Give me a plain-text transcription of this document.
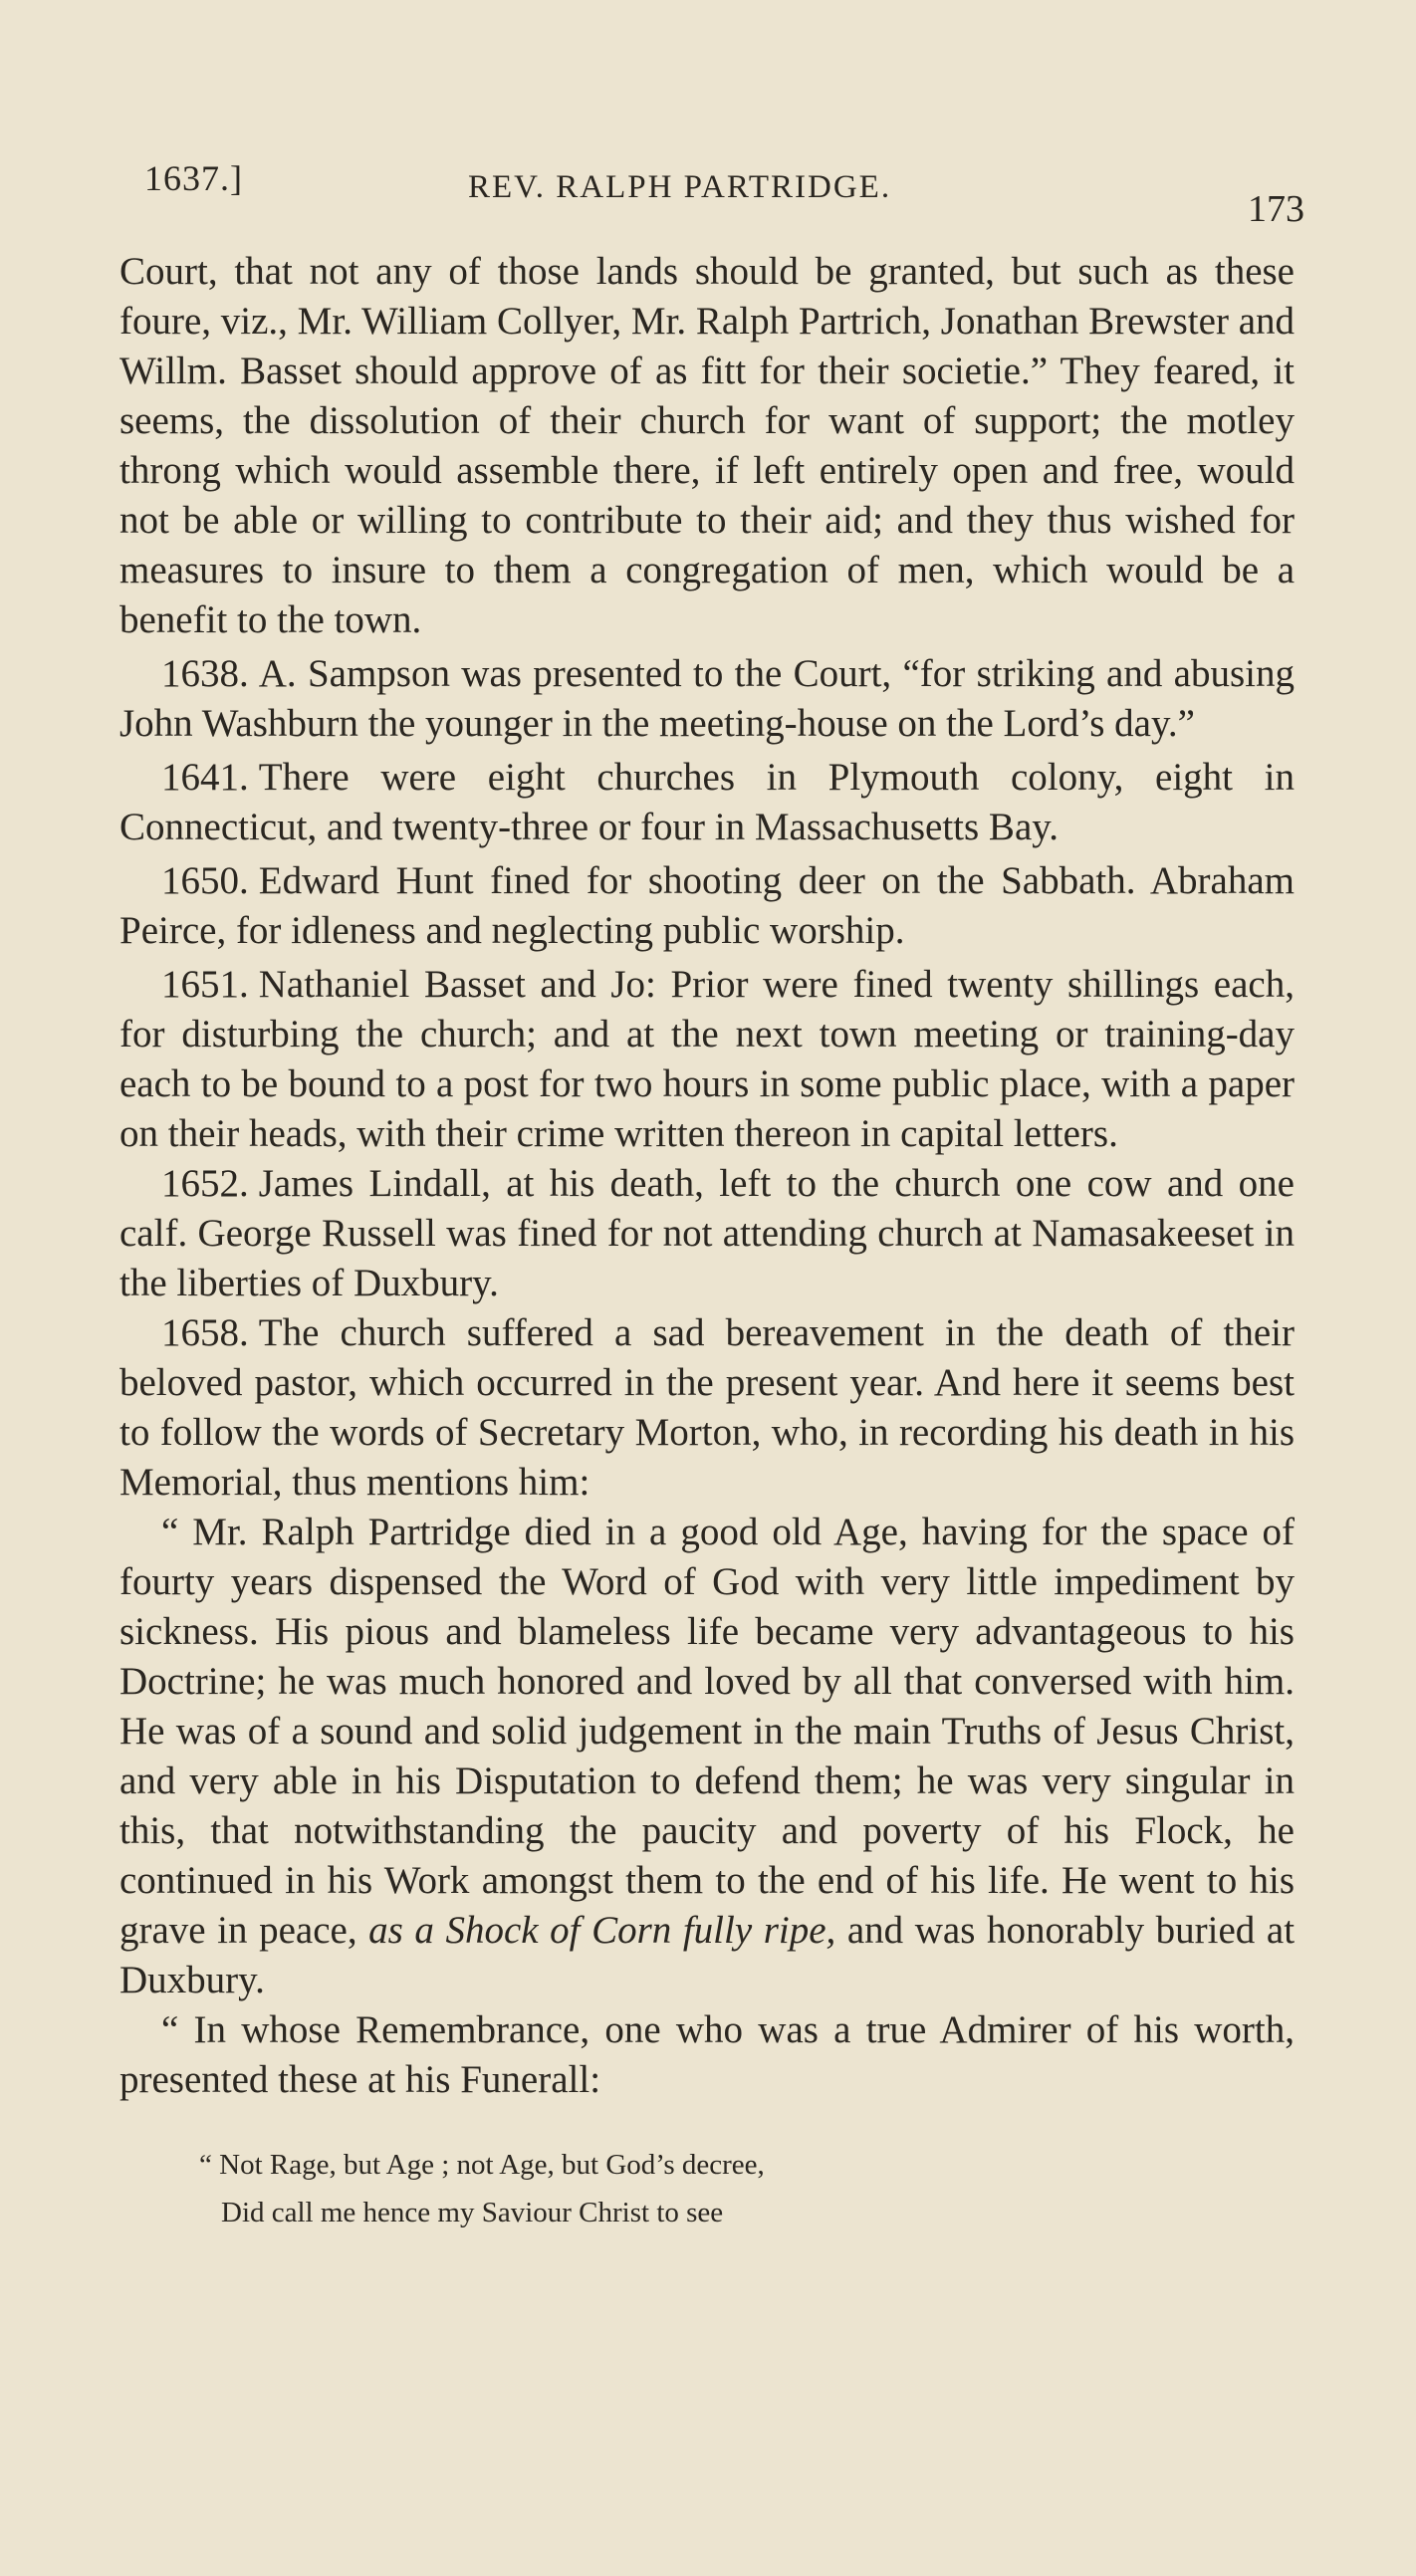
1637.]	REV. RALPH PARTRIDGE.
173

Court, that not any of those lands should be granted, but such as these foure, viz., Mr. William Collyer, Mr. Ralph Partrich, Jonathan Brewster and Willm. Basset should approve of as fitt for their societie.” They feared, it seems, the dissolution of their church for want of support; the motley throng which would assemble there, if left entirely open and free, would not be able or willing to contribute to their aid; and they thus wished for measures to insure to them a congregation of men, which would be a benefit to the town.

1638. A. Sampson was presented to the Court, “for striking and abusing John Washburn the younger in the meeting-house on the Lord’s day.”

1641. There were eight churches in Plymouth colony, eight in Connecticut, and twenty-three or four in Massachusetts Bay.

1650. Edward Hunt fined for shooting deer on the Sabbath. Abraham Peirce, for idleness and neglecting public worship.

1651. Nathaniel Basset and Jo: Prior were fined twenty shillings each, for disturbing the church; and at the next town meeting or training-day each to be bound to a post for two hours in some public place, with a paper on their heads, with their crime written thereon in capital letters.

1652. James Lindall, at his death, left to the church one cow and one calf. George Russell was fined for not attending church at Namasakeeset in the liberties of Duxbury.

1658. The church suffered a sad bereavement in the death of their beloved pastor, which occurred in the present year. And here it seems best to follow the words of Secretary Morton, who, in recording his death in his Memorial, thus mentions him:

“ Mr. Ralph Partridge died in a good old Age, having for the space of fourty years dispensed the Word of God with very little impediment by sickness. His pious and blameless life became very advantageous to his Doctrine; he was much honored and loved by all that conversed with him. He was of a sound and solid judgement in the main Truths of Jesus Christ, and very able in his Disputation to defend them; he was very singular in this, that notwithstanding the paucity and poverty of his Flock, he continued in his Work amongst them to the end of his life. He went to his grave in peace, as a Shock of Corn fully ripe, and was honorably buried at Duxbury.

“ In whose Remembrance, one who was a true Admirer of his worth, presented these at his Funerall:

“ Not Rage, but Age ; not Age, but God’s decree,
Did call me hence my Saviour Christ to see
